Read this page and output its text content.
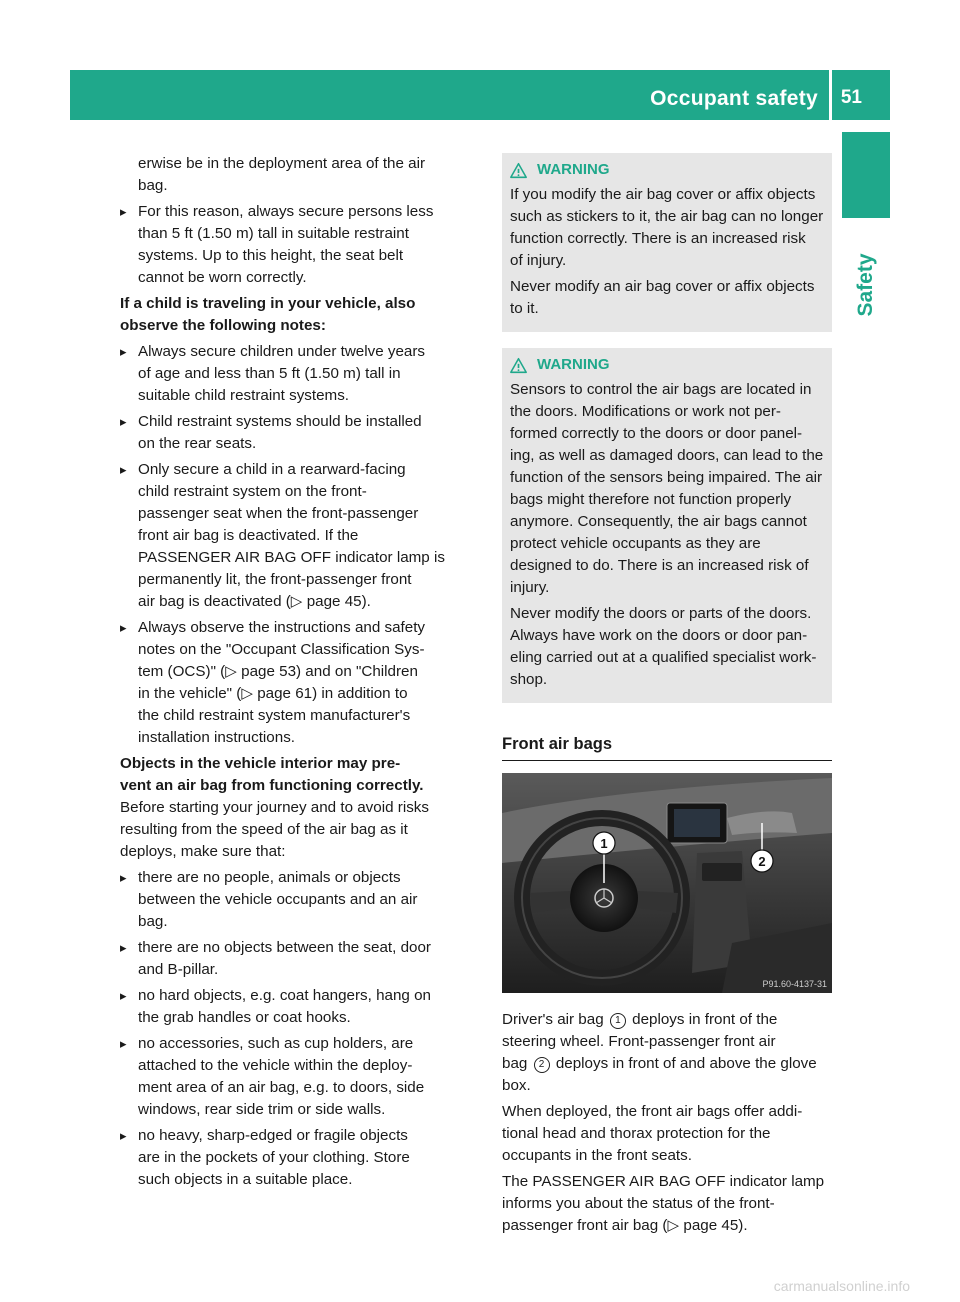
Occupant safety 51
Safety
erwise be in the deployment area of the air
bag.
▸ For this reason, always secure persons less
than 5 ft (1.50 m) tall in suitable restraint
systems. Up to this height, the seat belt
cannot be worn correctly.
If a child is traveling in your vehicle, also
observe the following notes:
▸ Always secure children under twelve years
of age and less than 5 ft (1.50 m) tall in
suitable child restraint systems.
▸ Child restraint systems should be installed
on the rear seats.
▸ Only secure a child in a rearward-facing
child restraint system on the front-
passenger seat when the front-passenger
front air bag is deactivated. If the
PASSENGER AIR BAG OFF indicator lamp is
permanently lit, the front-passenger front
air bag is deactivated (▷ page 45).
▸ Always observe the instructions and safety
notes on the "Occupant Classification Sys-
tem (OCS)" (▷ page 53) and on "Children
in the vehicle" (▷ page 61) in addition to
the child restraint system manufacturer's
installation instructions.
Objects in the vehicle interior may pre-
vent an air bag from functioning correctly.
Before starting your journey and to avoid risks
resulting from the speed of the air bag as it
deploys, make sure that:
▸ there are no people, animals or objects
between the vehicle occupants and an air
bag.
▸ there are no objects between the seat, door
and B-pillar.
▸ no hard objects, e.g. coat hangers, hang on
the grab handles or coat hooks.
▸ no accessories, such as cup holders, are
attached to the vehicle within the deploy-
ment area of an air bag, e.g. to doors, side
windows, rear side trim or side walls.
▸ no heavy, sharp-edged or fragile objects
are in the pockets of your clothing. Store
such objects in a suitable place.
WARNING

If you modify the air bag cover or affix objects
such as stickers to it, the air bag can no longer
function correctly. There is an increased risk
of injury.

Never modify an air bag cover or affix objects
to it.

WARNING

Sensors to control the air bags are located in
the doors. Modifications or work not per-
formed correctly to the doors or door panel-
ing, as well as damaged doors, can lead to the
function of the sensors being impaired. The air
bags might therefore not function properly
anymore. Consequently, the air bags cannot
protect vehicle occupants as they are
designed to do. There is an increased risk of
injury.

Never modify the doors or parts of the doors.
Always have work on the doors or door pan-
eling carried out at a qualified specialist work-
shop.

Front air bags
1
2
P91.60-4137-31
Driver's air bag 1 deploys in front of the
steering wheel. Front-passenger front air
bag 2 deploys in front of and above the glove
box.
When deployed, the front air bags offer addi-
tional head and thorax protection for the
occupants in the front seats.
The PASSENGER AIR BAG OFF indicator lamp
informs you about the status of the front-
passenger front air bag (▷ page 45).
carmanualsonline.info
